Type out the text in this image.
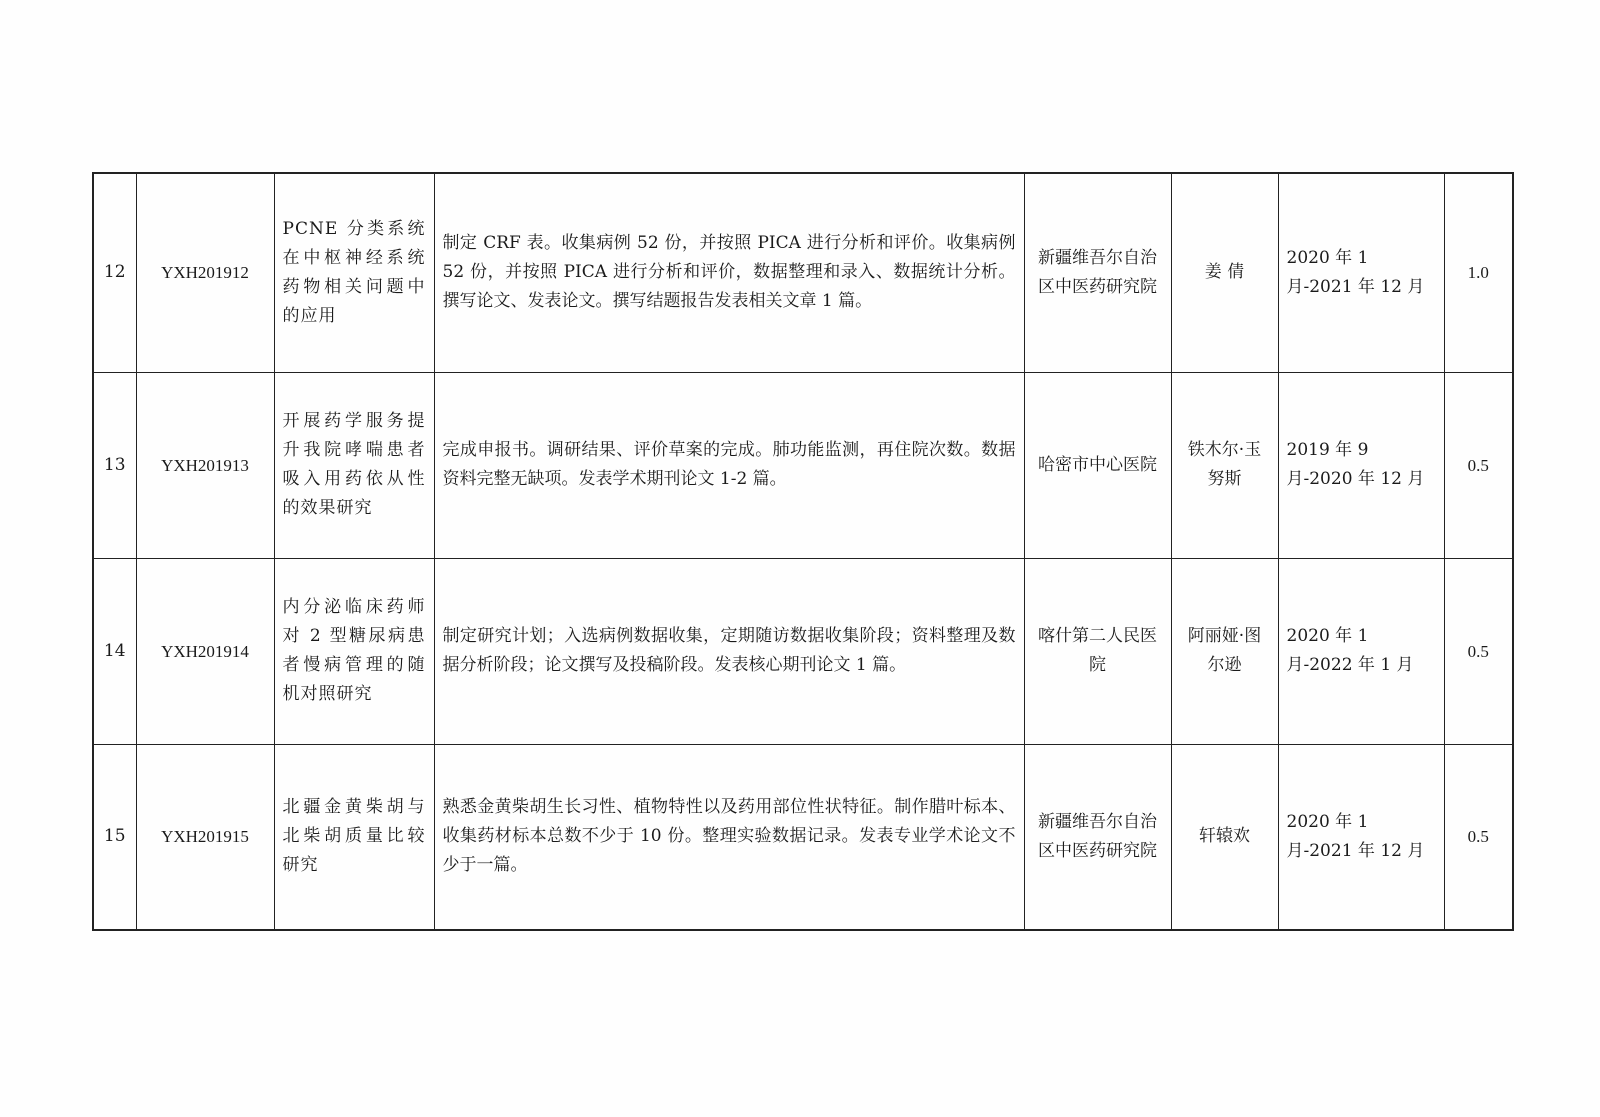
12	YXH201912	PCNE 分类系统在中枢神经系统药物相关问题中的应用	制定 CRF 表。收集病例 52 份，并按照 PICA 进行分析和评价。收集病例 52 份，并按照 PICA 进行分析和评价，数据整理和录入、数据统计分析。撰写论文、发表论文。撰写结题报告发表相关文章 1 篇。	新疆维吾尔自治区中医药研究院	姜 倩	2020 年 1 月-2021 年 12 月	1.0
13	YXH201913	开展药学服务提升我院哮喘患者吸入用药依从性的效果研究	完成申报书。调研结果、评价草案的完成。肺功能监测，再住院次数。数据资料完整无缺项。发表学术期刊论文 1-2 篇。	哈密市中心医院	铁木尔·玉努斯	2019 年 9 月-2020 年 12 月	0.5
14	YXH201914	内分泌临床药师对 2 型糖尿病患者慢病管理的随机对照研究	制定研究计划；入选病例数据收集，定期随访数据收集阶段；资料整理及数据分析阶段；论文撰写及投稿阶段。发表核心期刊论文 1 篇。	喀什第二人民医院	阿丽娅·图尔逊	2020 年 1 月-2022 年 1 月	0.5
15	YXH201915	北疆金黄柴胡与北柴胡质量比较研究	熟悉金黄柴胡生长习性、植物特性以及药用部位性状特征。制作腊叶标本、收集药材标本总数不少于 10 份。整理实验数据记录。发表专业学术论文不少于一篇。	新疆维吾尔自治区中医药研究院	轩辕欢	2020 年 1 月-2021 年 12 月	0.5
